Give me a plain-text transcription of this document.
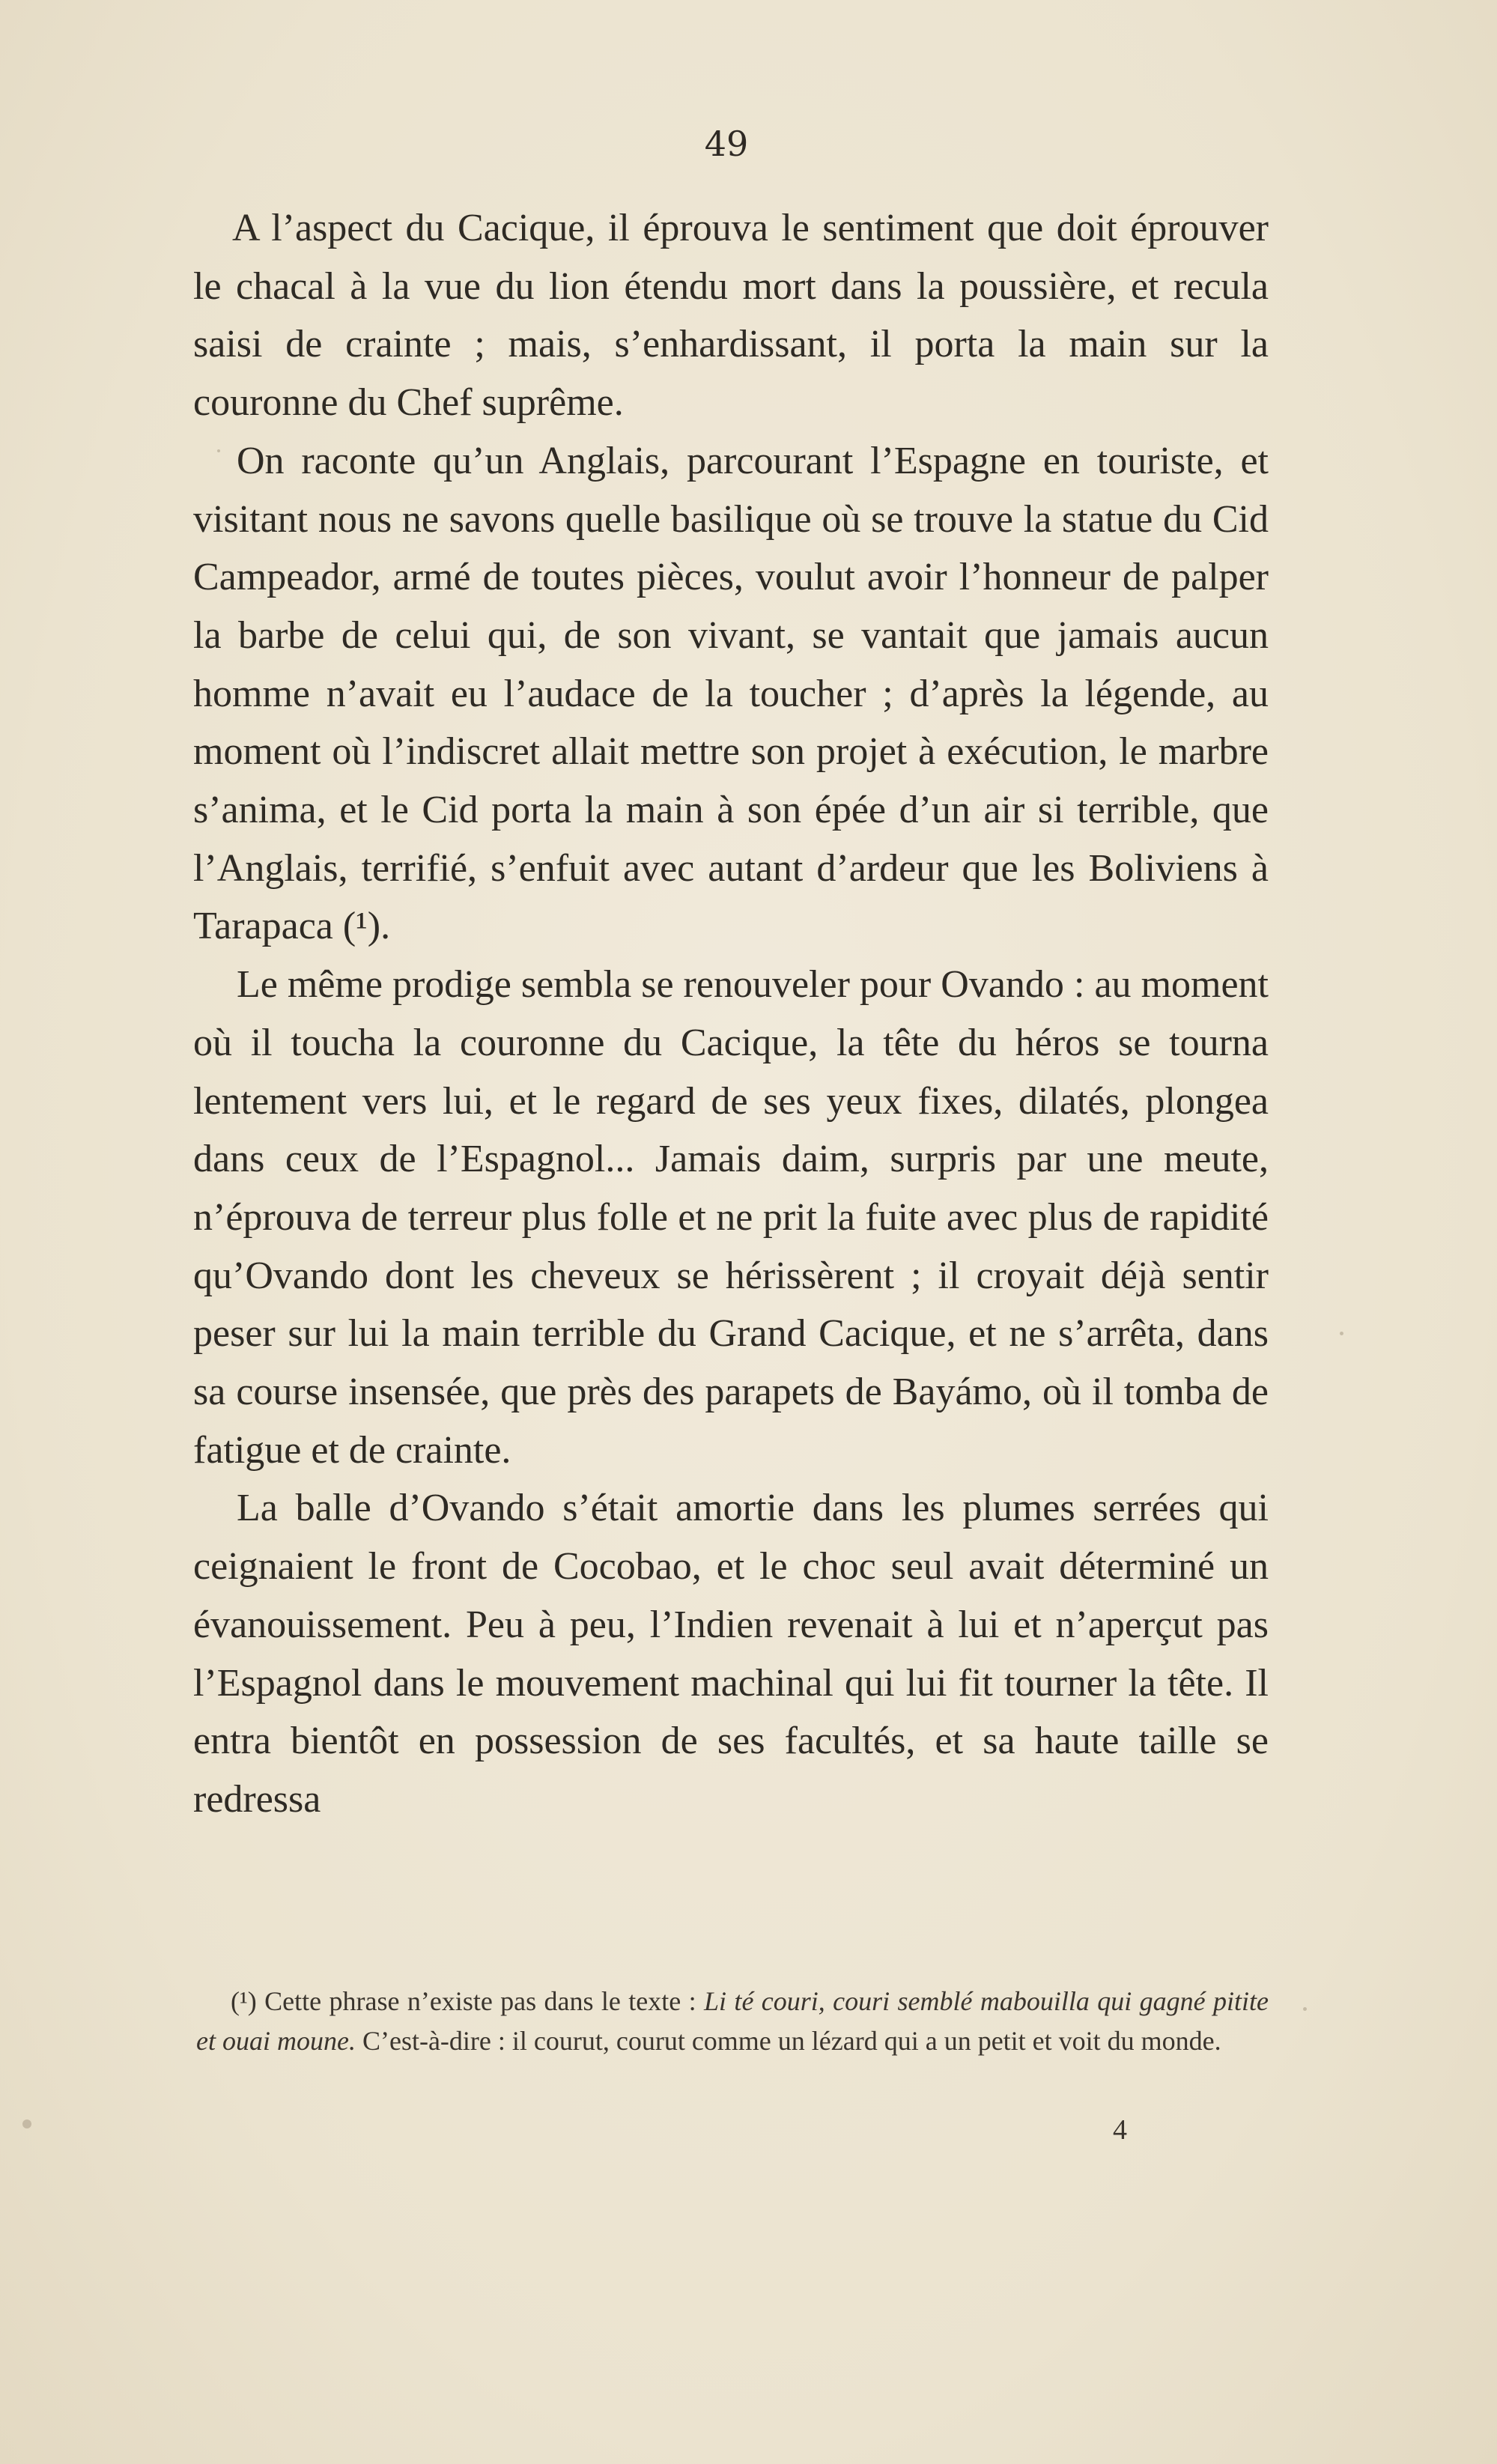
49

A l’aspect du Cacique, il éprouva le sentiment que doit éprouver le chacal à la vue du lion étendu mort dans la poussière, et recula saisi de crainte ; mais, s’enhardissant, il porta la main sur la couronne du Chef suprême.

On raconte qu’un Anglais, parcourant l’Espagne en touriste, et visitant nous ne savons quelle basilique où se trouve la statue du Cid Campeador, armé de toutes pièces, voulut avoir l’honneur de palper la barbe de celui qui, de son vivant, se vantait que jamais aucun homme n’avait eu l’audace de la toucher ; d’après la légende, au moment où l’indiscret allait mettre son projet à exécution, le marbre s’anima, et le Cid porta la main à son épée d’un air si terrible, que l’Anglais, terrifié, s’enfuit avec autant d’ardeur que les Boliviens à Tarapaca (¹).

Le même prodige sembla se renouveler pour Ovando : au moment où il toucha la couronne du Cacique, la tête du héros se tourna lentement vers lui, et le regard de ses yeux fixes, dilatés, plongea dans ceux de l’Espagnol... Jamais daim, surpris par une meute, n’éprouva de terreur plus folle et ne prit la fuite avec plus de rapidité qu’Ovando dont les cheveux se hérissèrent ; il croyait déjà sentir peser sur lui la main terrible du Grand Cacique, et ne s’arrêta, dans sa course insensée, que près des parapets de Bayámo, où il tomba de fatigue et de crainte.

La balle d’Ovando s’était amortie dans les plumes serrées qui ceignaient le front de Cocobao, et le choc seul avait déterminé un évanouissement. Peu à peu, l’Indien revenait à lui et n’aperçut pas l’Espagnol dans le mouvement machinal qui lui fit tourner la tête. Il entra bientôt en possession de ses facultés, et sa haute taille se redressa

(¹) Cette phrase n’existe pas dans le texte : Li té couri, couri semblé mabouilla qui gagné pitite et ouai moune. C’est-à-dire : il courut, courut comme un lézard qui a un petit et voit du monde.

4
